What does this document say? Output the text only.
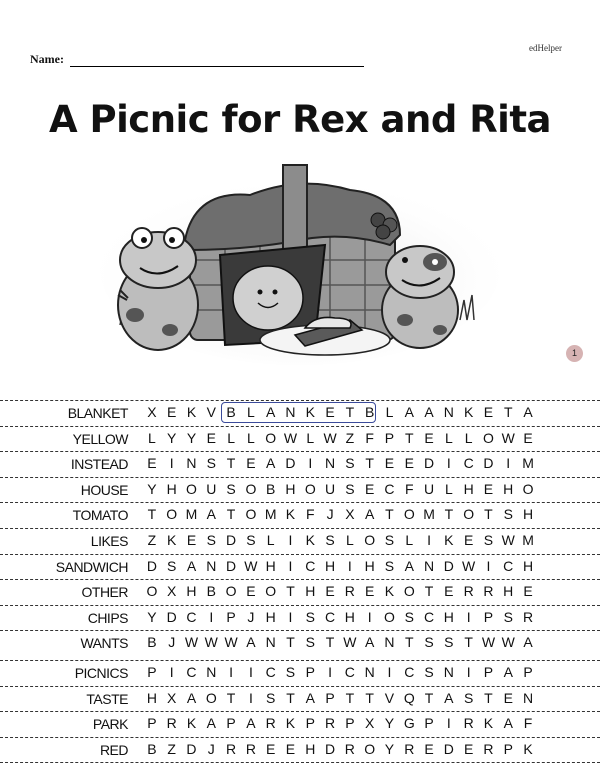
edHelper
Name:
A Picnic for Rex and Rita
1
BLANKET	X E K V B L A N K E T B L A A N K E T A
YELLOW	L Y Y E L L O W L W Z F P T E L L O W E
INSTEAD	E I N S T E A D I N S T E E D I C D I M
HOUSE	Y H O U S O B H O U S E C F U L H E H O
TOMATO	T O M A T O M K F J X A T O M T O T S H
LIKES	Z K E S D S L I K S L O S L I K E S W M
SANDWICH	D S A N D W H I C H I H S A N D W I C H
OTHER	O X H B O E O T H E R E K O T E R R H E
CHIPS	Y D C I P J H I S C H I O S C H I P S R
WANTS	B J W W W A N T S T W A N T S S T W W A
PICNICS	P I C N I	I C S P I C N I C S N I P A P
TASTE	H X A O T I S T A P T T V Q T A S T E N
PARK	P R K A P A R K P R P X Y G P I R K A F
RED	B Z D J R R E E H D R O Y R E D E R P K
